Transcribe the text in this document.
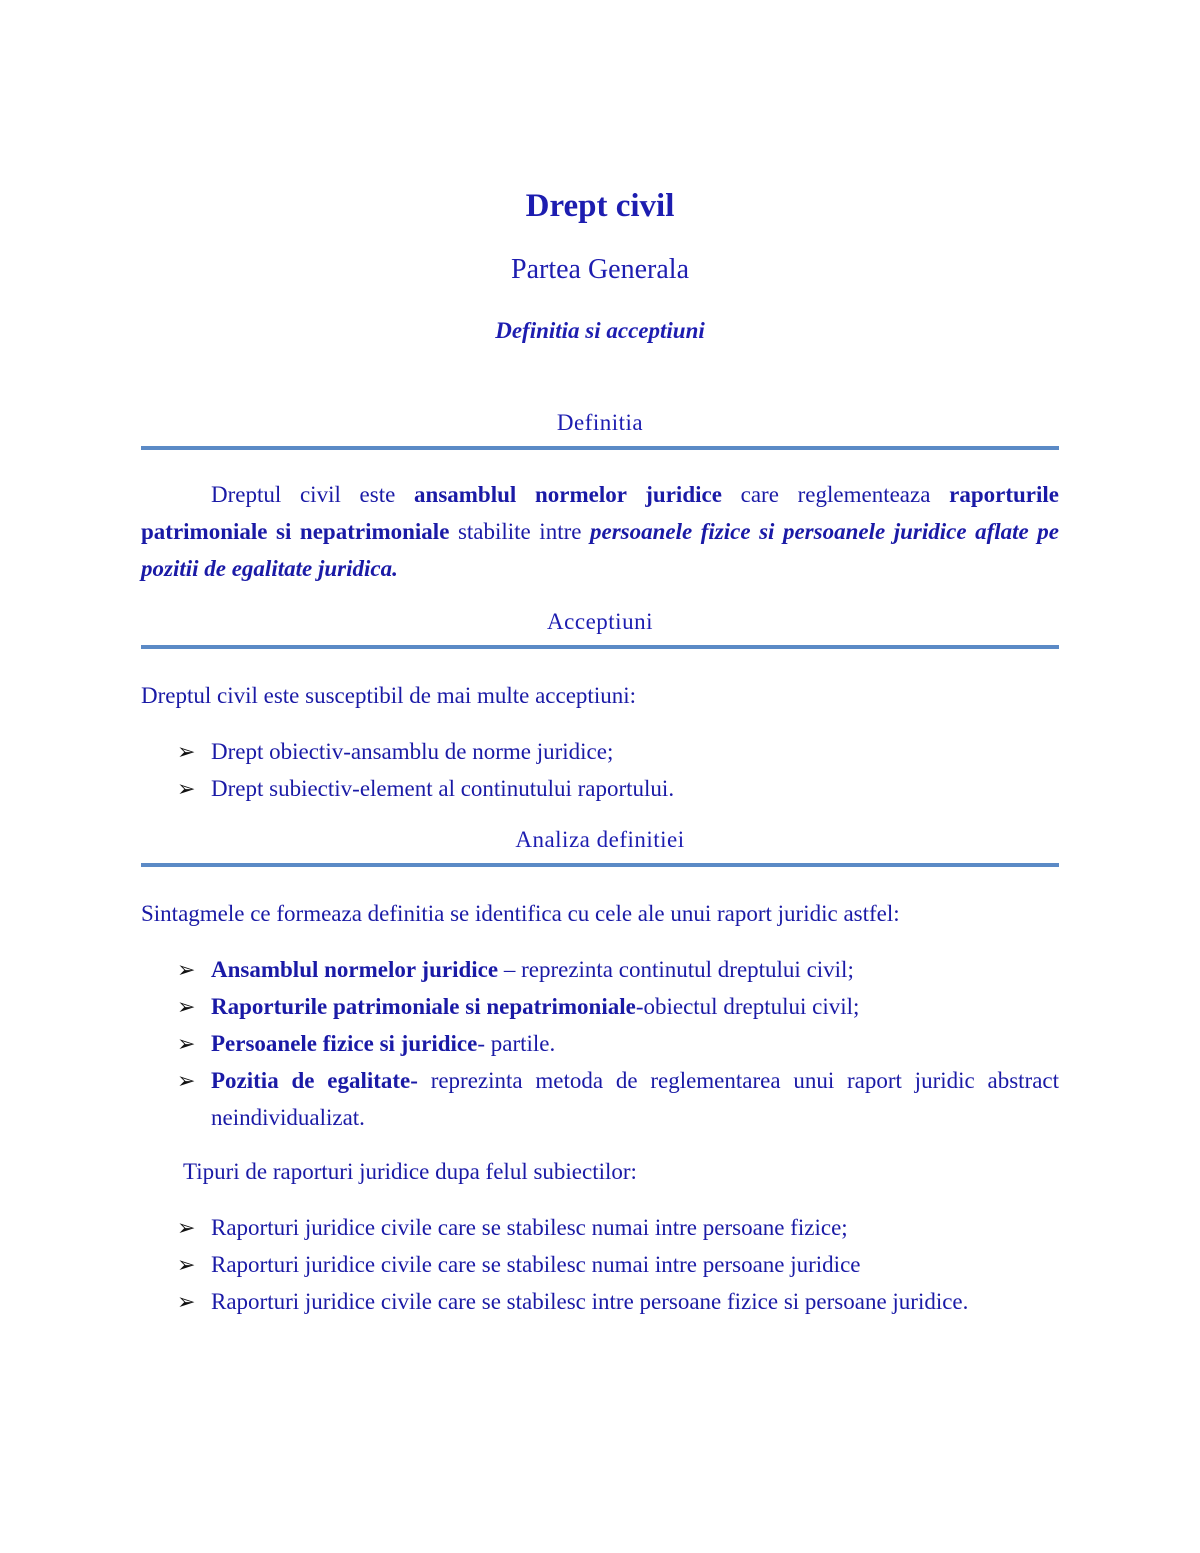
Drept civil
Partea Generala
Definitia si acceptiuni
Definitia
Dreptul civil este ansamblul normelor juridice care reglementeaza raporturile patrimoniale si nepatrimoniale stabilite intre persoanele fizice si persoanele juridice aflate pe pozitii de egalitate juridica.
Acceptiuni
Dreptul civil este susceptibil de mai multe acceptiuni:
➢ Drept obiectiv-ansamblu de norme juridice;
➢ Drept subiectiv-element al continutului raportului.
Analiza definitiei
Sintagmele ce formeaza definitia se identifica cu cele ale unui raport juridic astfel:
➢ Ansamblul normelor juridice – reprezinta continutul dreptului civil;
➢ Raporturile patrimoniale si nepatrimoniale-obiectul dreptului civil;
➢ Persoanele fizice si juridice- partile.
➢ Pozitia de egalitate- reprezinta metoda de reglementarea unui raport juridic abstract neindividualizat.
Tipuri de raporturi juridice dupa felul subiectilor:
➢ Raporturi juridice civile care se stabilesc numai intre persoane fizice;
➢ Raporturi juridice civile care se stabilesc numai intre persoane juridice
➢ Raporturi juridice civile care se stabilesc intre persoane fizice si persoane juridice.
